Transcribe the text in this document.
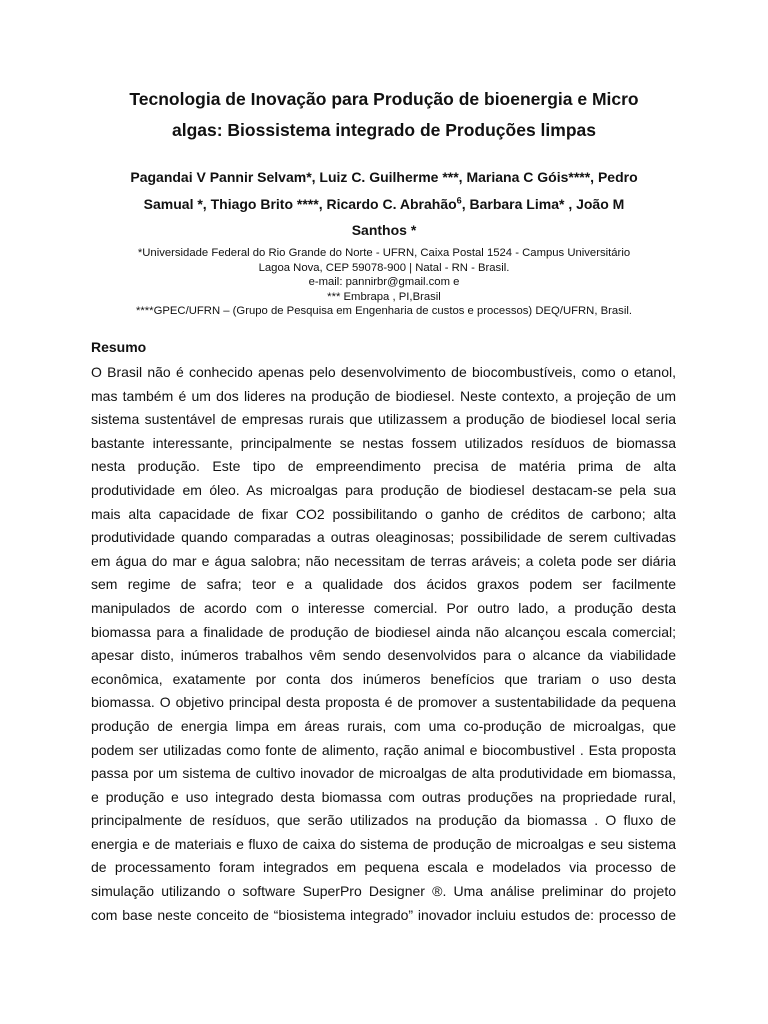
Tecnologia de Inovação para Produção de bioenergia e Micro
algas: Biossistema integrado de Produções limpas
Pagandai V Pannir Selvam*, Luiz C. Guilherme ***, Mariana C Góis****, Pedro
Samual *, Thiago Brito ****, Ricardo C. Abrahão$^6$, Barbara Lima* , João M
Santhos *
*Universidade Federal do Rio Grande do Norte - UFRN, Caixa Postal 1524 - Campus Universitário
Lagoa Nova, CEP 59078-900 | Natal - RN - Brasil.
e-mail: pannirbr@gmail.com e
*** Embrapa , PI,Brasil
****GPEC/UFRN – (Grupo de Pesquisa em Engenharia de custos e processos) DEQ/UFRN, Brasil.
Resumo
O Brasil não é conhecido apenas pelo desenvolvimento de biocombustíveis, como o etanol,
mas também é um dos lideres na produção de biodiesel. Neste contexto, a projeção de um
sistema sustentável de empresas rurais que utilizassem a produção de biodiesel local seria
bastante interessante, principalmente se nestas fossem utilizados resíduos de biomassa
nesta produção. Este tipo de empreendimento precisa de matéria prima de alta
produtividade em óleo. As microalgas para produção de biodiesel destacam-se pela sua
mais alta capacidade de fixar CO2 possibilitando o ganho de créditos de carbono; alta
produtividade quando comparadas a outras oleaginosas; possibilidade de serem cultivadas
em água do mar e água salobra; não necessitam de terras aráveis; a coleta pode ser diária
sem regime de safra; teor e a qualidade dos ácidos graxos podem ser facilmente
manipulados de acordo com o interesse comercial. Por outro lado, a produção desta
biomassa para a finalidade de produção de biodiesel ainda não alcançou escala comercial;
apesar disto, inúmeros trabalhos vêm sendo desenvolvidos para o alcance da viabilidade
econômica, exatamente por conta dos inúmeros benefícios que trariam o uso desta
biomassa. O objetivo principal desta proposta é de promover a sustentabilidade da pequena
produção de energia limpa em áreas rurais, com uma co-produção de microalgas, que
podem ser utilizadas como fonte de alimento, ração animal e biocombustivel . Esta proposta
passa por um sistema de cultivo inovador de microalgas de alta produtividade em biomassa,
e produção e uso integrado desta biomassa com outras produções na propriedade rural,
principalmente de resíduos, que serão utilizados na produção da biomassa . O fluxo de
energia e de materiais e fluxo de caixa do sistema de produção de microalgas e seu sistema
de processamento foram integrados em pequena escala e modelados via processo de
simulação utilizando o software SuperPro Designer ®. Uma análise preliminar do projeto
com base neste conceito de “biosistema integrado” inovador incluiu estudos de: processo de
